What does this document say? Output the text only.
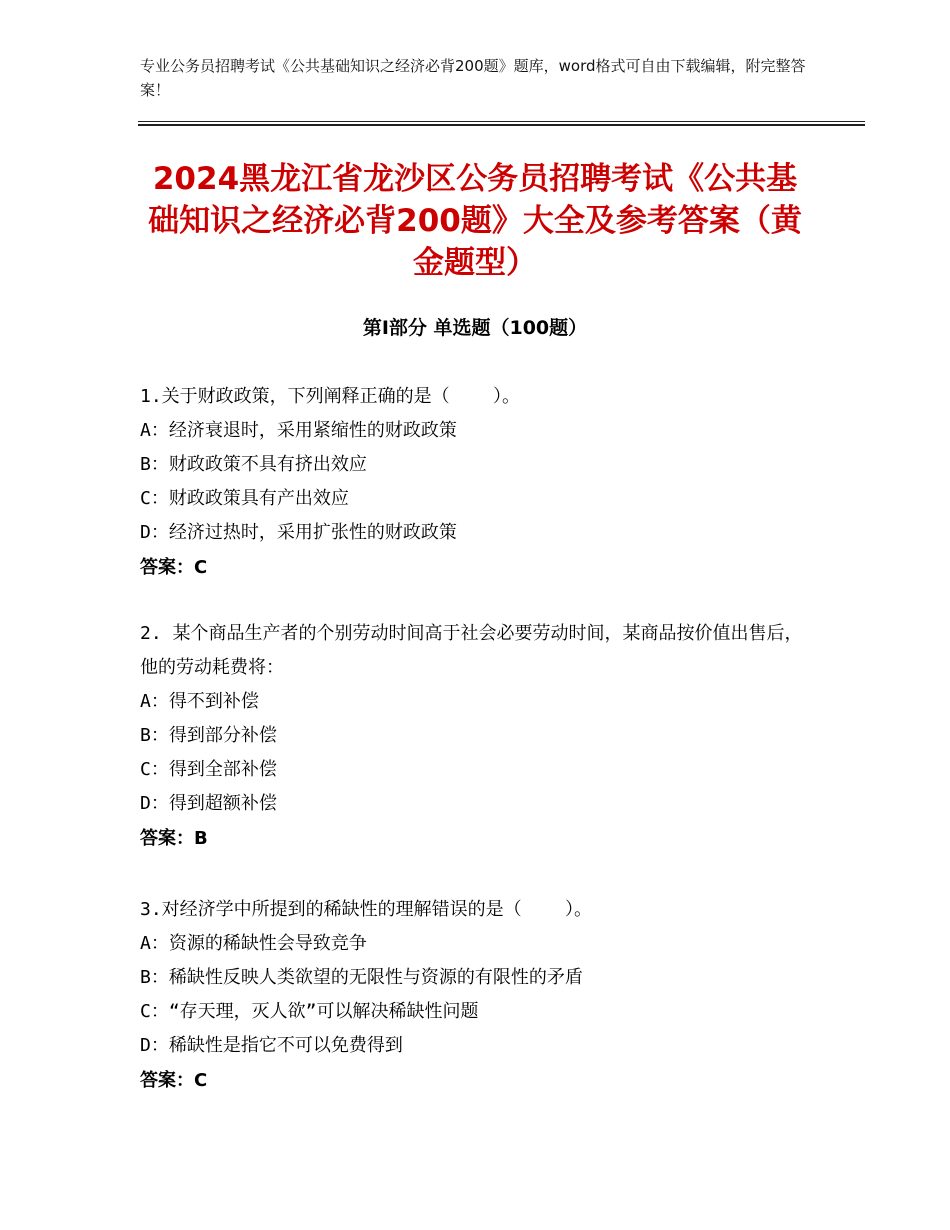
专业公务员招聘考试《公共基础知识之经济必背200题》题库，word格式可自由下载编辑，附完整答案！
2024黑龙江省龙沙区公务员招聘考试《公共基础知识之经济必背200题》大全及参考答案（黄金题型）
第Ⅰ部分 单选题（100题）

1.关于财政政策，下列阐释正确的是（    ）。

A：经济衰退时，采用紧缩性的财政政策

B：财政政策不具有挤出效应

C：财政政策具有产出效应

D：经济过热时，采用扩张性的财政政策

答案：C

2. 某个商品生产者的个别劳动时间高于社会必要劳动时间，某商品按价值出售后，他的劳动耗费将：

A：得不到补偿

B：得到部分补偿

C：得到全部补偿

D：得到超额补偿

答案：B

3.对经济学中所提到的稀缺性的理解错误的是（    ）。

A：资源的稀缺性会导致竞争

B：稀缺性反映人类欲望的无限性与资源的有限性的矛盾

C：“存天理，灭人欲”可以解决稀缺性问题

D：稀缺性是指它不可以免费得到

答案：C
